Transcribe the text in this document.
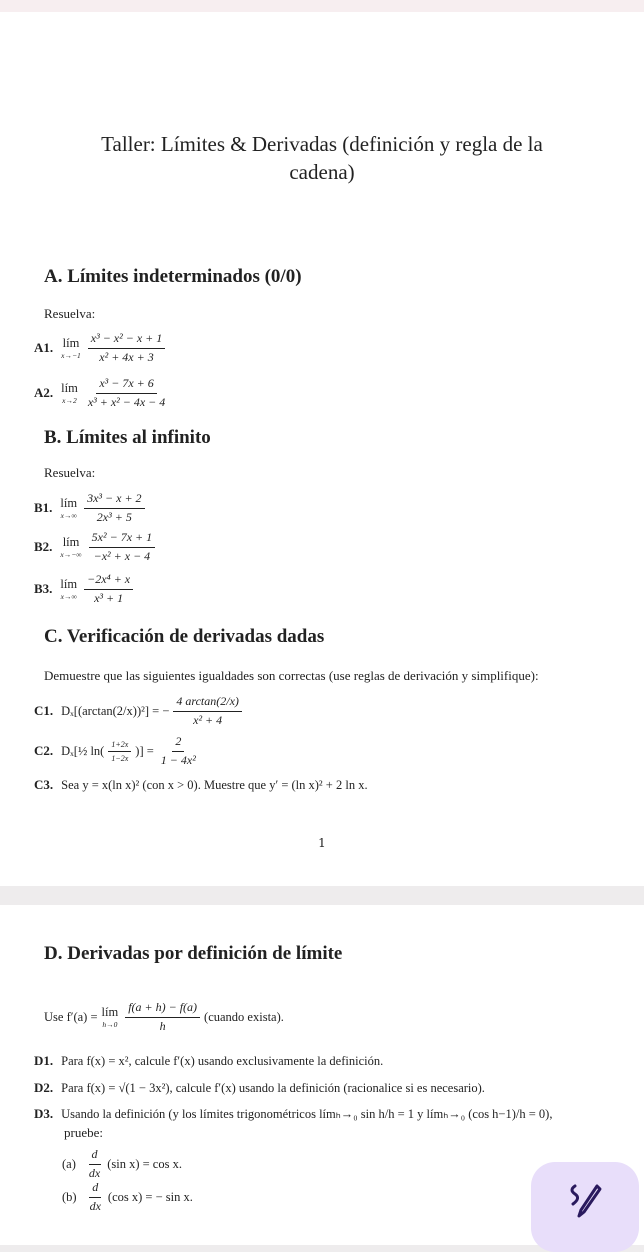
Taller: Límites & Derivadas (definición y regla de la
cadena)
A. Límites indeterminados (0/0)
Resuelva:
A1. lím
$x\to-1 \frac{\text{x³ − x² − x + 1}}{\text{x² + 4x + 3}}$
A2. lím
$x\to 2 \frac{\text{x³ − 7x + 6}}{\text{x³ + x² − 4x − 4}}$
B. Límites al infinito
Resuelva:
B1. lím
$x\to\infty \frac{\text{3x³ − x + 2}}{\text{2x³ + 5}}$
B2. lím
$x\to-\infty \frac{\text{5x² − 7x + 1}}{\text{−x² + x − 4}}$
B3. lím
$x\to\infty \frac{\text{−2x⁴ + x}}{\text{x³ + 1}}$
C. Verificación de derivadas dadas
Demuestre que las siguientes igualdades son correctas (use reglas de derivación y simplifique):
C1. Dₓ[(arctan(2/x))²] = − $\frac{4 \arctan(2/x)}{\text{x² + 4}}$
C2. Dₓ[½ $\ln( \frac{1+2x}{1-2x}$ )] = $\frac{2}{\text{1 − 4x²}}$
C3. Sea y = x(ln x)² (con x > 0). Muestre que y′ = (ln x)² + 2 ln x.
1
D. Derivadas por definición de límite
Use f′(a) = lím
$h\to 0 \frac{f(a + h) - f(a)}{h}$ (cuando exista).
D1. Para f(x) = x², calcule f′(x) usando exclusivamente la definición.
D2. Para f(x) = √(1 − 3x²), calcule f′(x) usando la definición (racionalice si es necesario).
D3. Usando la definición (y los límites trigonométricos límₕ→₀ sin h/h = 1 y límₕ→₀ (cos h−1)/h = 0),
pruebe:
$(a) \frac{d}{dx} (\sin$ x) = cos x.
$(b) \frac{d}{dx} (\cos$ x) = − sin x.
